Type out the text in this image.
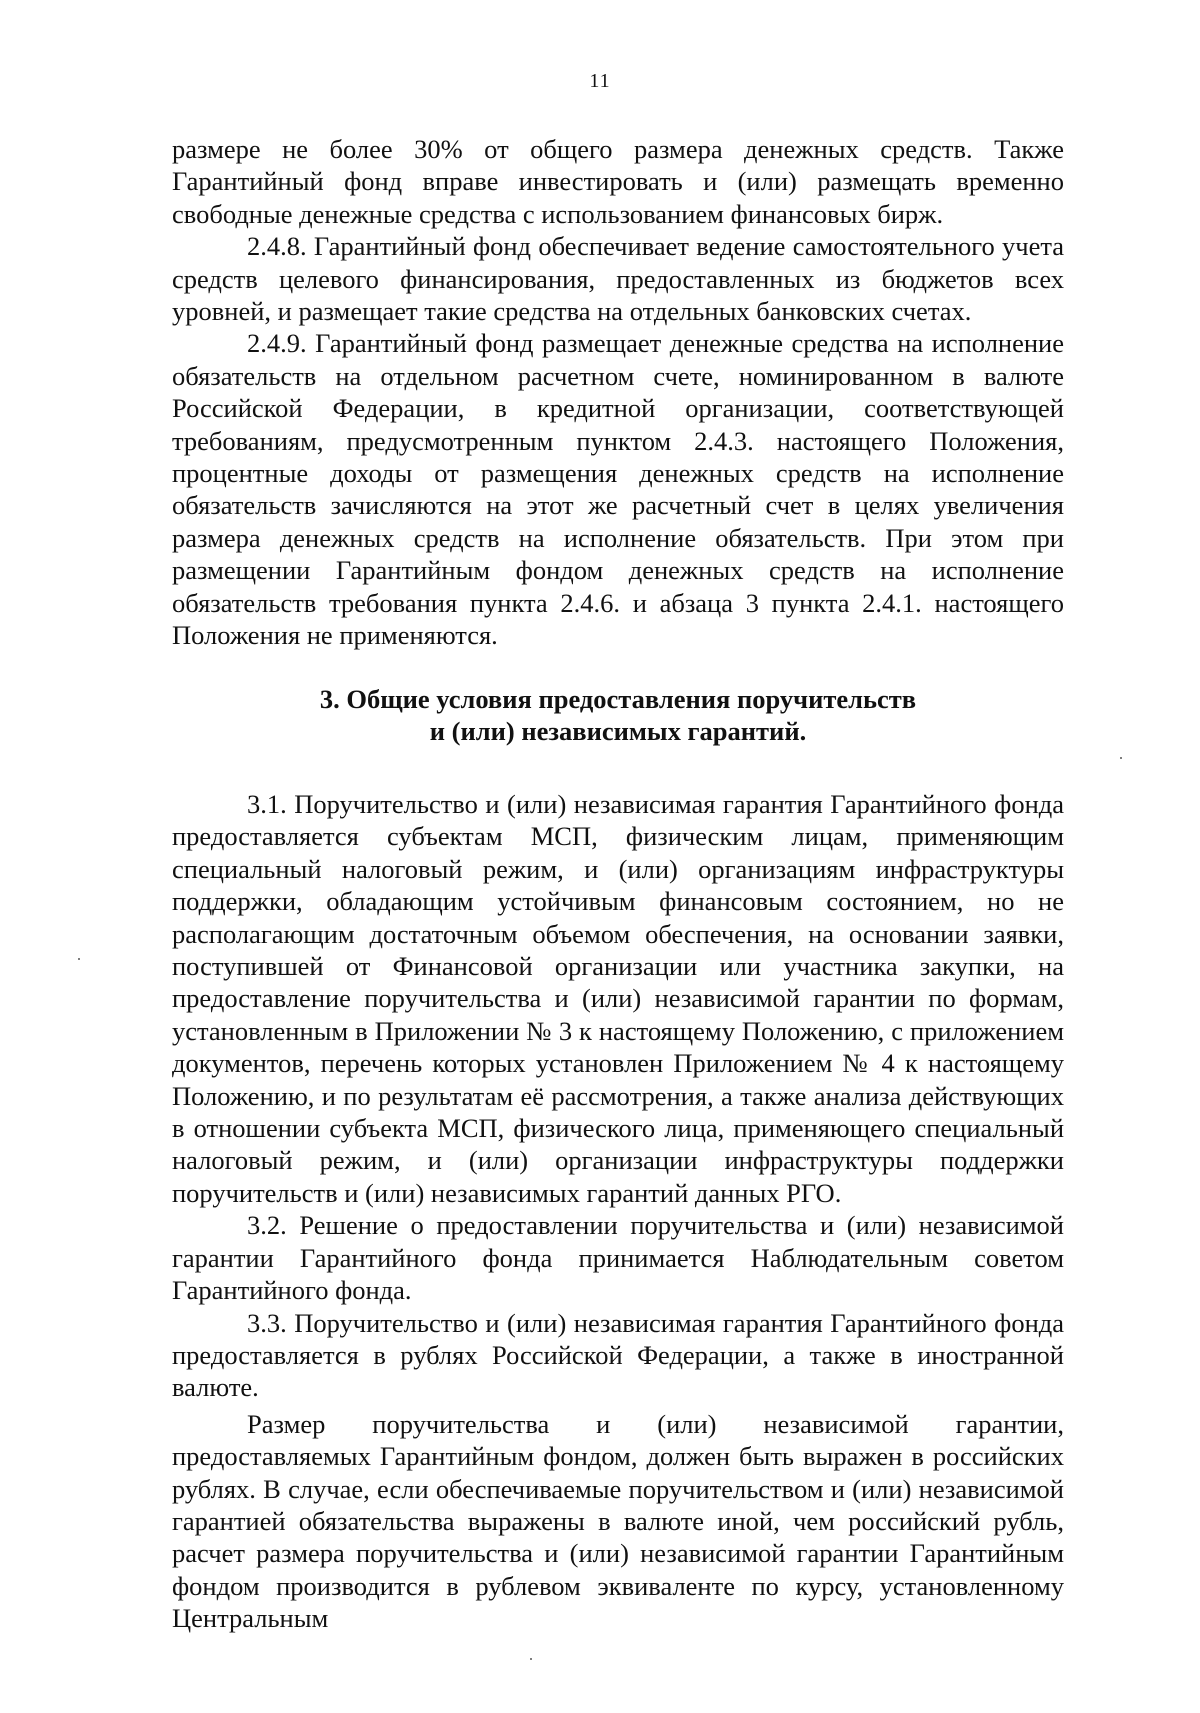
11

размере не более 30% от общего размера денежных средств. Также Гарантийный фонд вправе инвестировать и (или) размещать временно свободные денежные средства с использованием финансовых бирж.

2.4.8. Гарантийный фонд обеспечивает ведение самостоятельного учета средств целевого финансирования, предоставленных из бюджетов всех уровней, и размещает такие средства на отдельных банковских счетах.

2.4.9. Гарантийный фонд размещает денежные средства на исполнение обязательств на отдельном расчетном счете, номинированном в валюте Российской Федерации, в кредитной организации, соответствующей требованиям, предусмотренным пунктом 2.4.3. настоящего Положения, процентные доходы от размещения денежных средств на исполнение обязательств зачисляются на этот же расчетный счет в целях увеличения размера денежных средств на исполнение обязательств. При этом при размещении Гарантийным фондом денежных средств на исполнение обязательств требования пункта 2.4.6. и абзаца 3 пункта 2.4.1. настоящего Положения не применяются.

3. Общие условия предоставления поручительств
и (или) независимых гарантий.

3.1. Поручительство и (или) независимая гарантия Гарантийного фонда предоставляется субъектам МСП, физическим лицам, применяющим специальный налоговый режим, и (или) организациям инфраструктуры поддержки, обладающим устойчивым финансовым состоянием, но не располагающим достаточным объемом обеспечения, на основании заявки, поступившей от Финансовой организации или участника закупки, на предоставление поручительства и (или) независимой гарантии по формам, установленным в Приложении № 3 к настоящему Положению, с приложением документов, перечень которых установлен Приложением № 4 к настоящему Положению, и по результатам её рассмотрения, а также анализа действующих в отношении субъекта МСП, физического лица, применяющего специальный налоговый режим, и (или) организации инфраструктуры поддержки поручительств и (или) независимых гарантий данных РГО.

3.2. Решение о предоставлении поручительства и (или) независимой гарантии Гарантийного фонда принимается Наблюдательным советом Гарантийного фонда.

3.3. Поручительство и (или) независимая гарантия Гарантийного фонда предоставляется в рублях Российской Федерации, а также в иностранной валюте.

Размер поручительства и (или) независимой гарантии, предоставляемых Гарантийным фондом, должен быть выражен в российских рублях. В случае, если обеспечиваемые поручительством и (или) независимой гарантией обязательства выражены в валюте иной, чем российский рубль, расчет размера поручительства и (или) независимой гарантии Гарантийным фондом производится в рублевом эквиваленте по курсу, установленному Центральным
